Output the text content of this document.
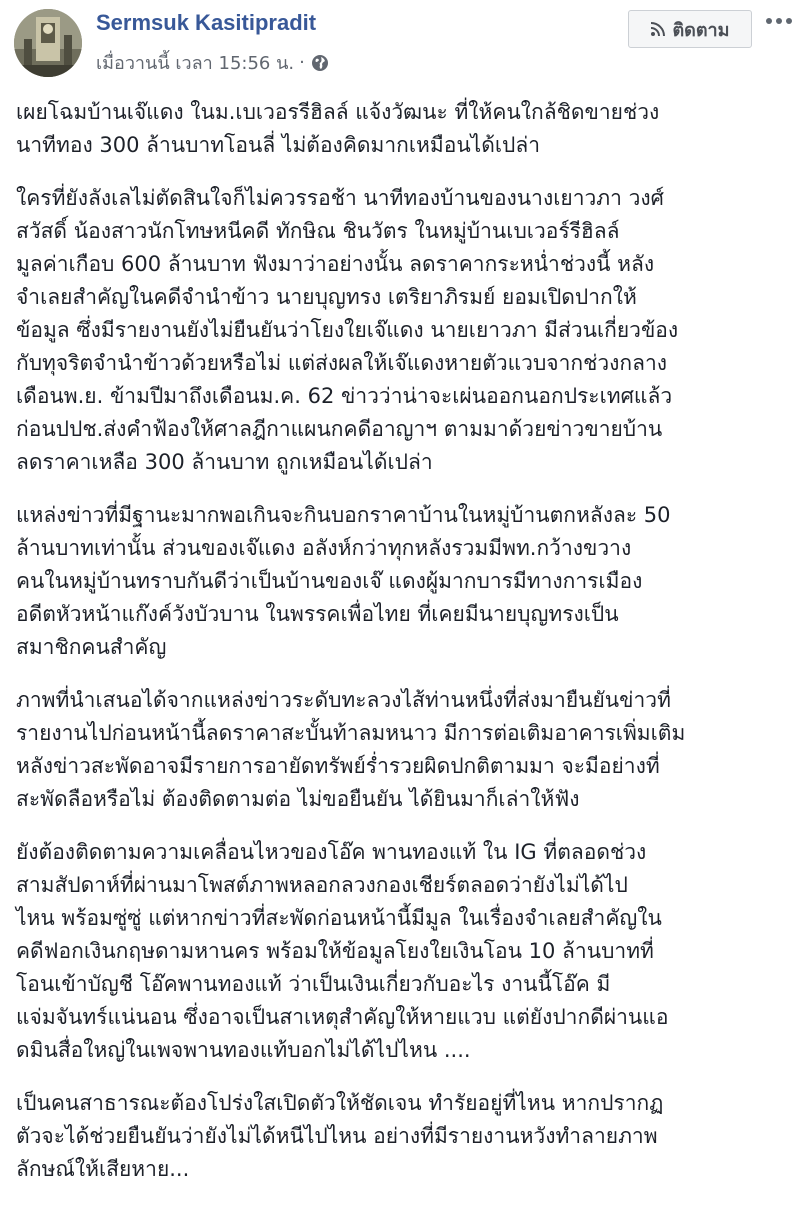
Sermsuk Kasitipradit
เมื่อวานนี้ เวลา 15:56 น. ·
ติดตาม

เผยโฉมบ้านเจ๊แดง ในม.เบเวอรรีฮิลล์ แจ้งวัฒนะ ที่ให้คนใกล้ชิดขายช่วง
นาทีทอง 300 ล้านบาทโอนลี่ ไม่ต้องคิดมากเหมือนได้เปล่า

ใครที่ยังลังเลไม่ตัดสินใจก็ไม่ควรรอช้า นาทีทองบ้านของนางเยาวภา วงศ์
สวัสดิ์ น้องสาวนักโทษหนีคดี ทักษิณ ชินวัตร ในหมู่บ้านเบเวอร์รีฮิลล์
มูลค่าเกือบ 600 ล้านบาท ฟังมาว่าอย่างนั้น ลดราคากระหน่ำช่วงนี้ หลัง
จำเลยสำคัญในคดีจำนำข้าว นายบุญทรง เตริยาภิรมย์ ยอมเปิดปากให้
ข้อมูล ซึ่งมีรายงานยังไม่ยืนยันว่าโยงใยเจ๊แดง นายเยาวภา มีส่วนเกี่ยวข้อง
กับทุจริตจำนำข้าวด้วยหรือไม่ แต่ส่งผลให้เจ๊แดงหายตัวแวบจากช่วงกลาง
เดือนพ.ย. ข้ามปีมาถึงเดือนม.ค. 62 ข่าวว่าน่าจะเผ่นออกนอกประเทศแล้ว
ก่อนปปช.ส่งคำฟ้องให้ศาลฎีกาแผนกคดีอาญาฯ ตามมาด้วยข่าวขายบ้าน
ลดราคาเหลือ 300 ล้านบาท ถูกเหมือนได้เปล่า

แหล่งข่าวที่มีฐานะมากพอเกินจะกินบอกราคาบ้านในหมู่บ้านตกหลังละ 50
ล้านบาทเท่านั้น ส่วนของเจ๊แดง อลังห์กว่าทุกหลังรวมมีพท.กว้างขวาง
คนในหมู่บ้านทราบกันดีว่าเป็นบ้านของเจ๊ แดงผู้มากบารมีทางการเมือง
อดีตหัวหน้าแก๊งค์วังบัวบาน ในพรรคเพื่อไทย ที่เคยมีนายบุญทรงเป็น
สมาชิกคนสำคัญ

ภาพที่นำเสนอได้จากแหล่งข่าวระดับทะลวงไส้ท่านหนึ่งที่ส่งมายืนยันข่าวที่
รายงานไปก่อนหน้านี้ลดราคาสะบั้นท้าลมหนาว มีการต่อเติมอาคารเพิ่มเติม
หลังข่าวสะพัดอาจมีรายการอายัดทรัพย์ร่ำรวยผิดปกติตามมา จะมีอย่างที่
สะพัดลือหรือไม่ ต้องติดตามต่อ ไม่ขอยืนยัน ได้ยินมาก็เล่าให้ฟัง

ยังต้องติดตามความเคลื่อนไหวของโอ๊ค พานทองแท้ ใน IG ที่ตลอดช่วง
สามสัปดาห์ที่ผ่านมาโพสต์ภาพหลอกลวงกองเชียร์ตลอดว่ายังไม่ได้ไป
ไหน พร้อมซู่ซู่ แต่หากข่าวที่สะพัดก่อนหน้านี้มีมูล ในเรื่องจำเลยสำคัญใน
คดีฟอกเงินกฤษดามหานคร พร้อมให้ข้อมูลโยงใยเงินโอน 10 ล้านบาทที่
โอนเข้าบัญชี โอ๊คพานทองแท้ ว่าเป็นเงินเกี่ยวกับอะไร งานนี้โอ๊ค มี
แจ่มจันทร์แน่นอน ซึ่งอาจเป็นสาเหตุสำคัญให้หายแวบ แต่ยังปากดีผ่านแอ
ดมินสื่อใหญ่ในเพจพานทองแท้บอกไม่ได้ไปไหน ....

เป็นคนสาธารณะต้องโปร่งใสเปิดตัวให้ชัดเจน ทำรัยอยู่ที่ไหน หากปรากฏ
ตัวจะได้ช่วยยืนยันว่ายังไม่ได้หนีไปไหน อย่างที่มีรายงานหวังทำลายภาพ
ลักษณ์ให้เสียหาย...
